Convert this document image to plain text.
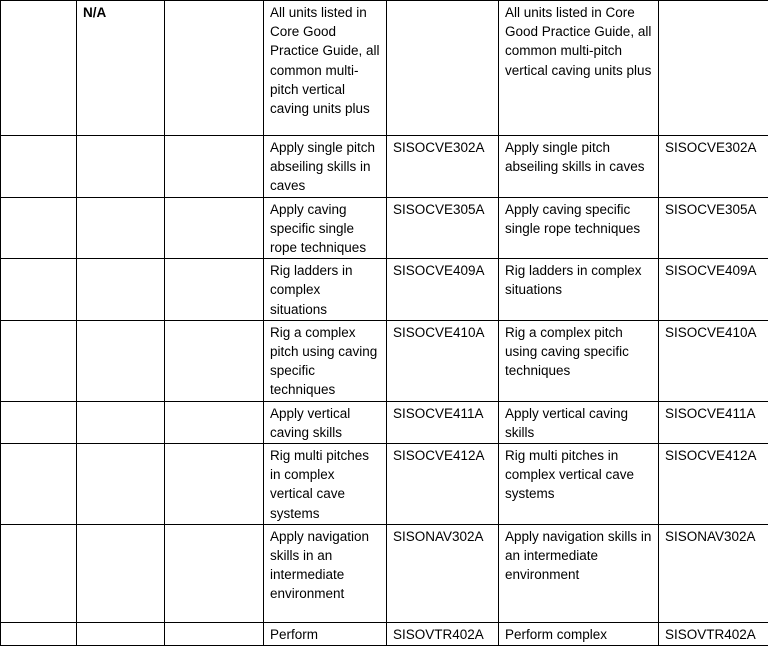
	N/A		All units listed in Core Good Practice Guide, all common multi-pitch vertical caving units plus		All units listed in Core Good Practice Guide, all common multi-pitch vertical caving units plus	
			Apply single pitch abseiling skills in caves	SISOCVE302A	Apply single pitch abseiling skills in caves	SISOCVE302A
			Apply caving specific single rope techniques	SISOCVE305A	Apply caving specific single rope techniques	SISOCVE305A
			Rig ladders in complex situations	SISOCVE409A	Rig ladders in complex situations	SISOCVE409A
			Rig a complex pitch using caving specific techniques	SISOCVE410A	Rig a complex pitch using caving specific techniques	SISOCVE410A
			Apply vertical caving skills	SISOCVE411A	Apply vertical caving skills	SISOCVE411A
			Rig multi pitches in complex vertical cave systems	SISOCVE412A	Rig multi pitches in complex vertical cave systems	SISOCVE412A
			Apply navigation skills in an intermediate environment	SISONAV302A	Apply navigation skills in an intermediate environment	SISONAV302A
			Perform	SISOVTR402A	Perform complex	SISOVTR402A
